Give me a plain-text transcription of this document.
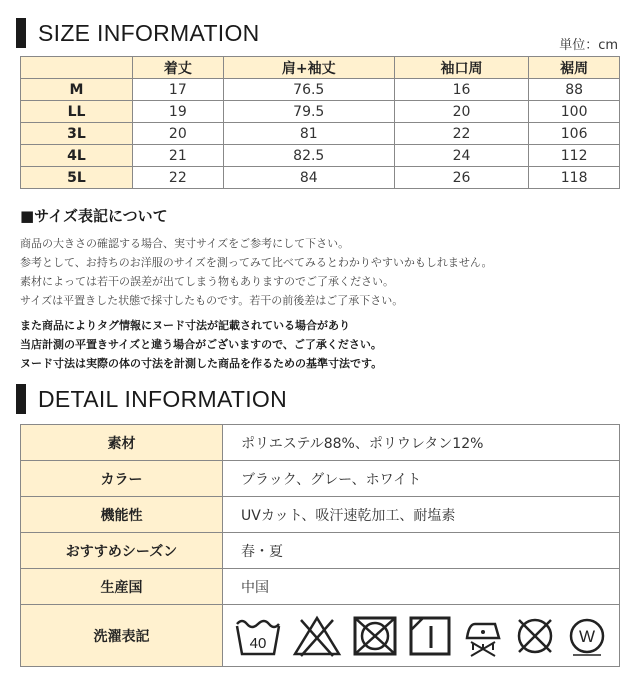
SIZE INFORMATION	単位：cm
	着丈	肩+袖丈	袖口周	裾周
M	17	76.5	16	88
LL	19	79.5	20	100
3L	20	81	22	106
4L	21	82.5	24	112
5L	22	84	26	118
■サイズ表記について
商品の大きさの確認する場合、実寸サイズをご参考にして下さい。
参考として、お持ちのお洋服のサイズを測ってみて比べてみるとわかりやすいかもしれません。
素材によっては若干の誤差が出てしまう物もありますのでご了承ください。
サイズは平置きした状態で採寸したものです。若干の前後差はご了承下さい。
また商品によりタグ情報にヌード寸法が記載されている場合があり
当店計測の平置きサイズと違う場合がございますので、ご了承ください。
ヌード寸法は実際の体の寸法を計測した商品を作るための基準寸法です。
DETAIL INFORMATION
素材	ポリエステル88%、ポリウレタン12%
カラー	ブラック、グレー、ホワイト
機能性	UVカット、吸汗速乾加工、耐塩素
おすすめシーズン	春・夏
生産国	中国
洗濯表記	40 W
